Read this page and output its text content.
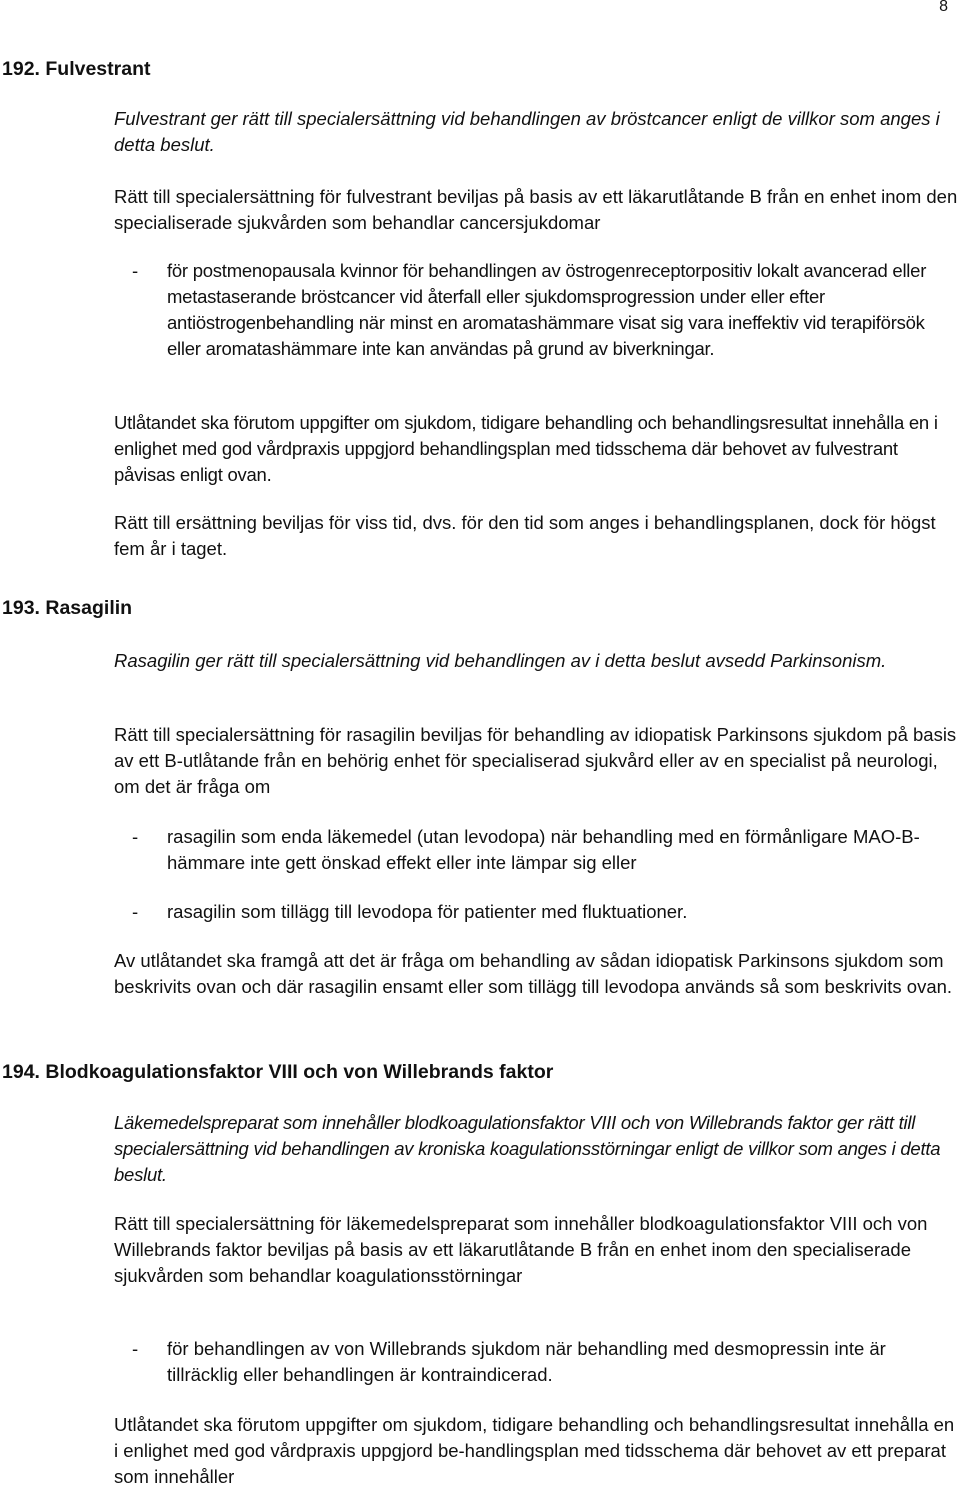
8
192. Fulvestrant

Fulvestrant ger rätt till specialersättning vid behandlingen av bröstcancer enligt de villkor som anges i detta beslut.

Rätt till specialersättning för fulvestrant beviljas på basis av ett läkarutlåtande B från en enhet inom den specialiserade sjukvården som behandlar cancersjukdomar

- för postmenopausala kvinnor för behandlingen av östrogenreceptorpositiv lokalt avancerad eller metastaserande bröstcancer vid återfall eller sjukdomsprogression under eller efter antiöstrogenbehandling när minst en aromatashämmare visat sig vara ineffektiv vid terapiförsök eller aromatashämmare inte kan användas på grund av biverkningar.

Utlåtandet ska förutom uppgifter om sjukdom, tidigare behandling och behandlingsresultat innehålla en i enlighet med god vårdpraxis uppgjord behandlingsplan med tidsschema där behovet av fulvestrant påvisas enligt ovan.

Rätt till ersättning beviljas för viss tid, dvs. för den tid som anges i behandlingsplanen, dock för högst fem år i taget.

193. Rasagilin

Rasagilin ger rätt till specialersättning vid behandlingen av i detta beslut avsedd Parkinsonism.

Rätt till specialersättning för rasagilin beviljas för behandling av idiopatisk Parkinsons sjukdom på basis av ett B-utlåtande från en behörig enhet för specialiserad sjukvård eller av en specialist på neurologi, om det är fråga om

- rasagilin som enda läkemedel (utan levodopa) när behandling med en förmånligare MAO-B-hämmare inte gett önskad effekt eller inte lämpar sig eller
- rasagilin som tillägg till levodopa för patienter med fluktuationer.

Av utlåtandet ska framgå att det är fråga om behandling av sådan idiopatisk Parkinsons sjukdom som beskrivits ovan och där rasagilin ensamt eller som tillägg till levodopa används så som beskrivits ovan.

194. Blodkoagulationsfaktor VIII och von Willebrands faktor

Läkemedelspreparat som innehåller blodkoagulationsfaktor VIII och von Willebrands faktor ger rätt till specialersättning vid behandlingen av kroniska koagulationsstörningar enligt de villkor som anges i detta beslut.

Rätt till specialersättning för läkemedelspreparat som innehåller blodkoagulationsfaktor VIII och von Willebrands faktor beviljas på basis av ett läkarutlåtande B från en enhet inom den specialiserade sjukvården som behandlar koagulationsstörningar

- för behandlingen av von Willebrands sjukdom när behandling med desmopressin inte är tillräcklig eller behandlingen är kontraindicerad.

Utlåtandet ska förutom uppgifter om sjukdom, tidigare behandling och behandlingsresultat innehålla en i enlighet med god vårdpraxis uppgjord be-handlingsplan med tidsschema där behovet av ett preparat som innehåller
